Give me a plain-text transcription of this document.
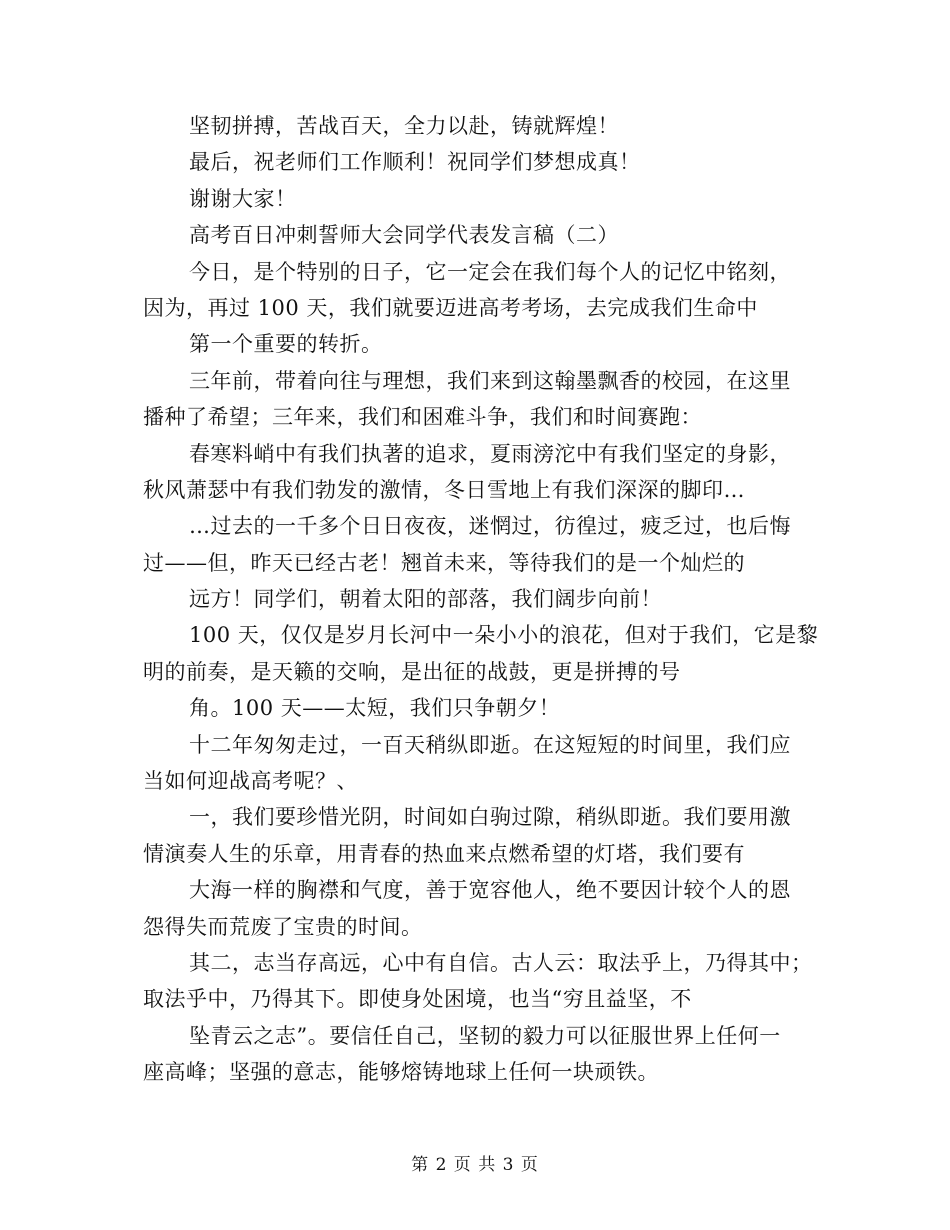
坚韧拼搏，苦战百天，全力以赴，铸就辉煌！
最后，祝老师们工作顺利！祝同学们梦想成真！
谢谢大家！
高考百日冲刺誓师大会同学代表发言稿（二）
今日，是个特别的日子，它一定会在我们每个人的记忆中铭刻，
因为，再过 100 天，我们就要迈进高考考场，去完成我们生命中
第一个重要的转折。
三年前，带着向往与理想，我们来到这翰墨飘香的校园，在这里
播种了希望；三年来，我们和困难斗争，我们和时间赛跑：
春寒料峭中有我们执著的追求，夏雨滂沱中有我们坚定的身影，
秋风萧瑟中有我们勃发的激情，冬日雪地上有我们深深的脚印…
…过去的一千多个日日夜夜，迷惘过，彷徨过，疲乏过，也后悔
过——但，昨天已经古老！翘首未来，等待我们的是一个灿烂的
远方！同学们，朝着太阳的部落，我们阔步向前！
100 天，仅仅是岁月长河中一朵小小的浪花，但对于我们，它是黎
明的前奏，是天籁的交响，是出征的战鼓，更是拼搏的号
角。100 天——太短，我们只争朝夕！
十二年匆匆走过，一百天稍纵即逝。在这短短的时间里，我们应
当如何迎战高考呢？、
一，我们要珍惜光阴，时间如白驹过隙，稍纵即逝。我们要用激
情演奏人生的乐章，用青春的热血来点燃希望的灯塔，我们要有
大海一样的胸襟和气度，善于宽容他人，绝不要因计较个人的恩
怨得失而荒废了宝贵的时间。
其二，志当存高远，心中有自信。古人云：取法乎上，乃得其中；
取法乎中，乃得其下。即使身处困境，也当“穷且益坚，不
坠青云之志”。要信任自己，坚韧的毅力可以征服世界上任何一
座高峰；坚强的意志，能够熔铸地球上任何一块顽铁。
第 2 页 共 3 页
